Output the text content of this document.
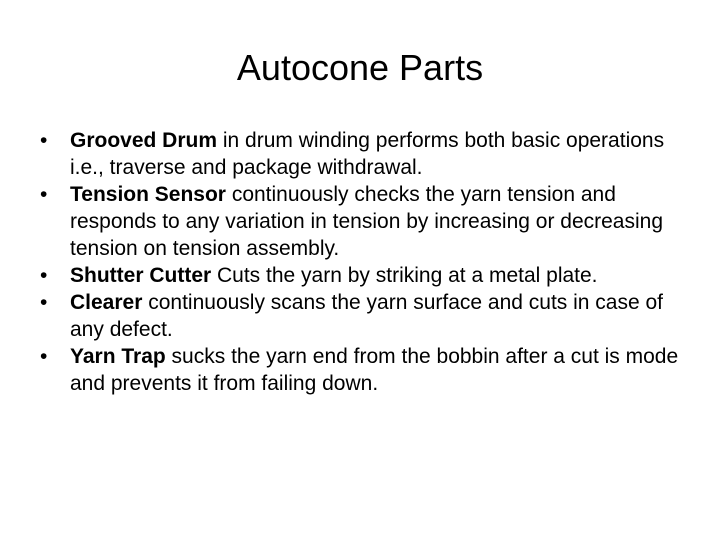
Autocone Parts
•	Grooved Drum in drum winding performs both basic operations i.e., traverse and package withdrawal.
•	Tension Sensor continuously checks the yarn tension and responds to any variation in tension by increasing or decreasing tension on tension assembly.
•	Shutter Cutter Cuts the yarn by striking at a metal plate.
•	Clearer continuously scans the yarn surface and cuts in case of any defect.
•	Yarn Trap sucks the yarn end from the bobbin after a cut is mode and prevents it from failing down.
